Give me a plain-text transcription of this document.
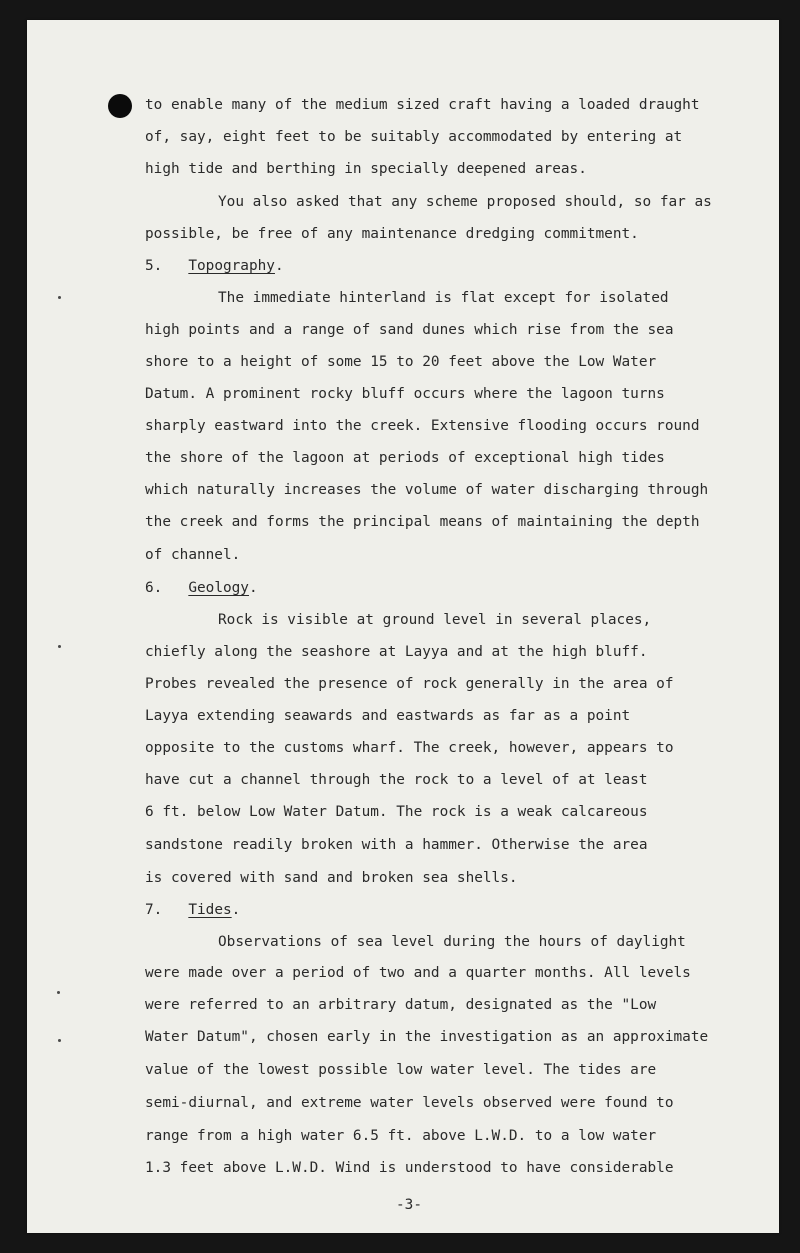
to enable many of the medium sized craft having a loaded draught
of, say, eight feet to be suitably accommodated by entering at
high tide and berthing in specially deepened areas.
You also asked that any scheme proposed should, so far as
possible, be free of any maintenance dredging commitment.
5. Topography.
The immediate hinterland is flat except for isolated
high points and a range of sand dunes which rise from the sea
shore to a height of some 15 to 20 feet above the Low Water
Datum. A prominent rocky bluff occurs where the lagoon turns
sharply eastward into the creek. Extensive flooding occurs round
the shore of the lagoon at periods of exceptional high tides
which naturally increases the volume of water discharging through
the creek and forms the principal means of maintaining the depth
of channel.
6. Geology.
Rock is visible at ground level in several places,
chiefly along the seashore at Layya and at the high bluff.
Probes revealed the presence of rock generally in the area of
Layya extending seawards and eastwards as far as a point
opposite to the customs wharf. The creek, however, appears to
have cut a channel through the rock to a level of at least
6 ft. below Low Water Datum. The rock is a weak calcareous
sandstone readily broken with a hammer. Otherwise the area
is covered with sand and broken sea shells.
7. Tides.
Observations of sea level during the hours of daylight
were made over a period of two and a quarter months. All levels
were referred to an arbitrary datum, designated as the "Low
Water Datum", chosen early in the investigation as an approximate
value of the lowest possible low water level. The tides are
semi-diurnal, and extreme water levels observed were found to
range from a high water 6.5 ft. above L.W.D. to a low water
1.3 feet above L.W.D. Wind is understood to have considerable
-3-
